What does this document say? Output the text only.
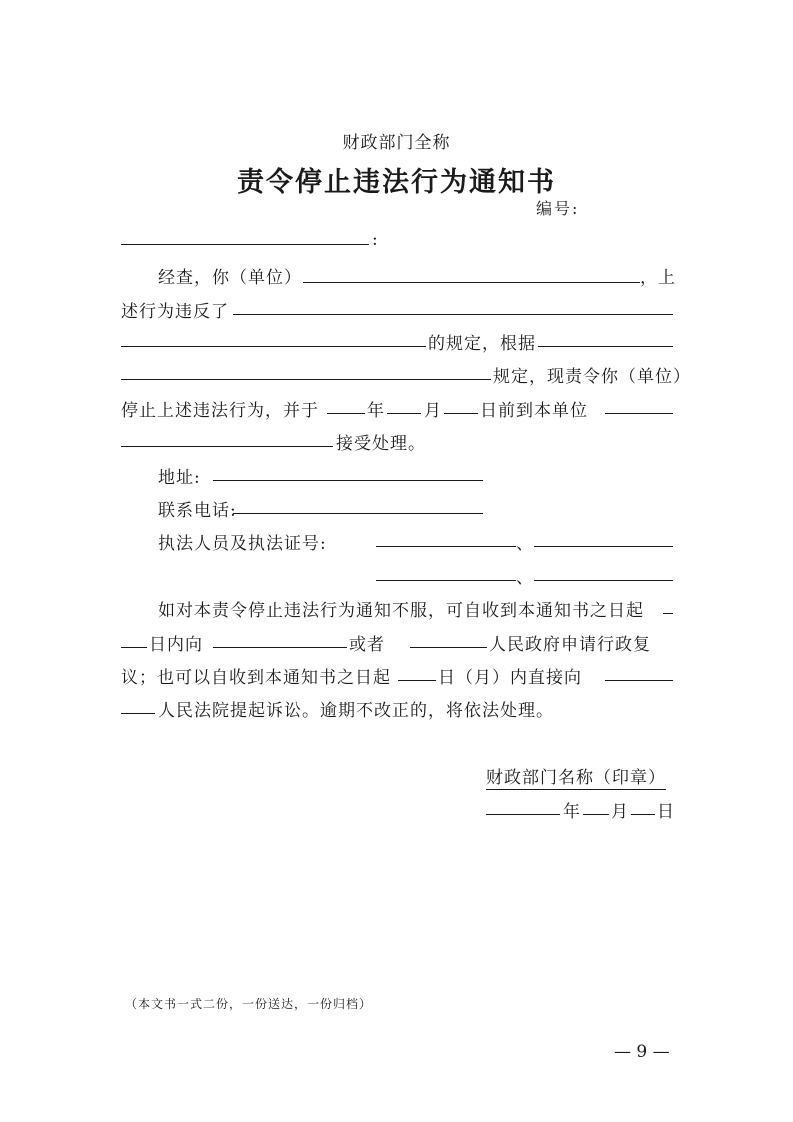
财政部门全称
责令停止违法行为通知书
编号:
:
经查，你（单位）	，上
述行为违反了
的规定，根据
规定，现责令你（单位）
停止上述违法行为，并于	年 月 日前到本单位
接受处理。
地址:
联系电话:
执法人员及执法证号:	、
、
如对本责令停止违法行为通知不服，可自收到本通知书之日起
日内向	或者	人民政府申请行政复
议；也可以自收到本通知书之日起	日（月）内直接向
人民法院提起诉讼。逾期不改正的，将依法处理。
财政部门名称（印章）
年 月 日
（本文书一式二份，一份送达，一份归档）
— 9 —
